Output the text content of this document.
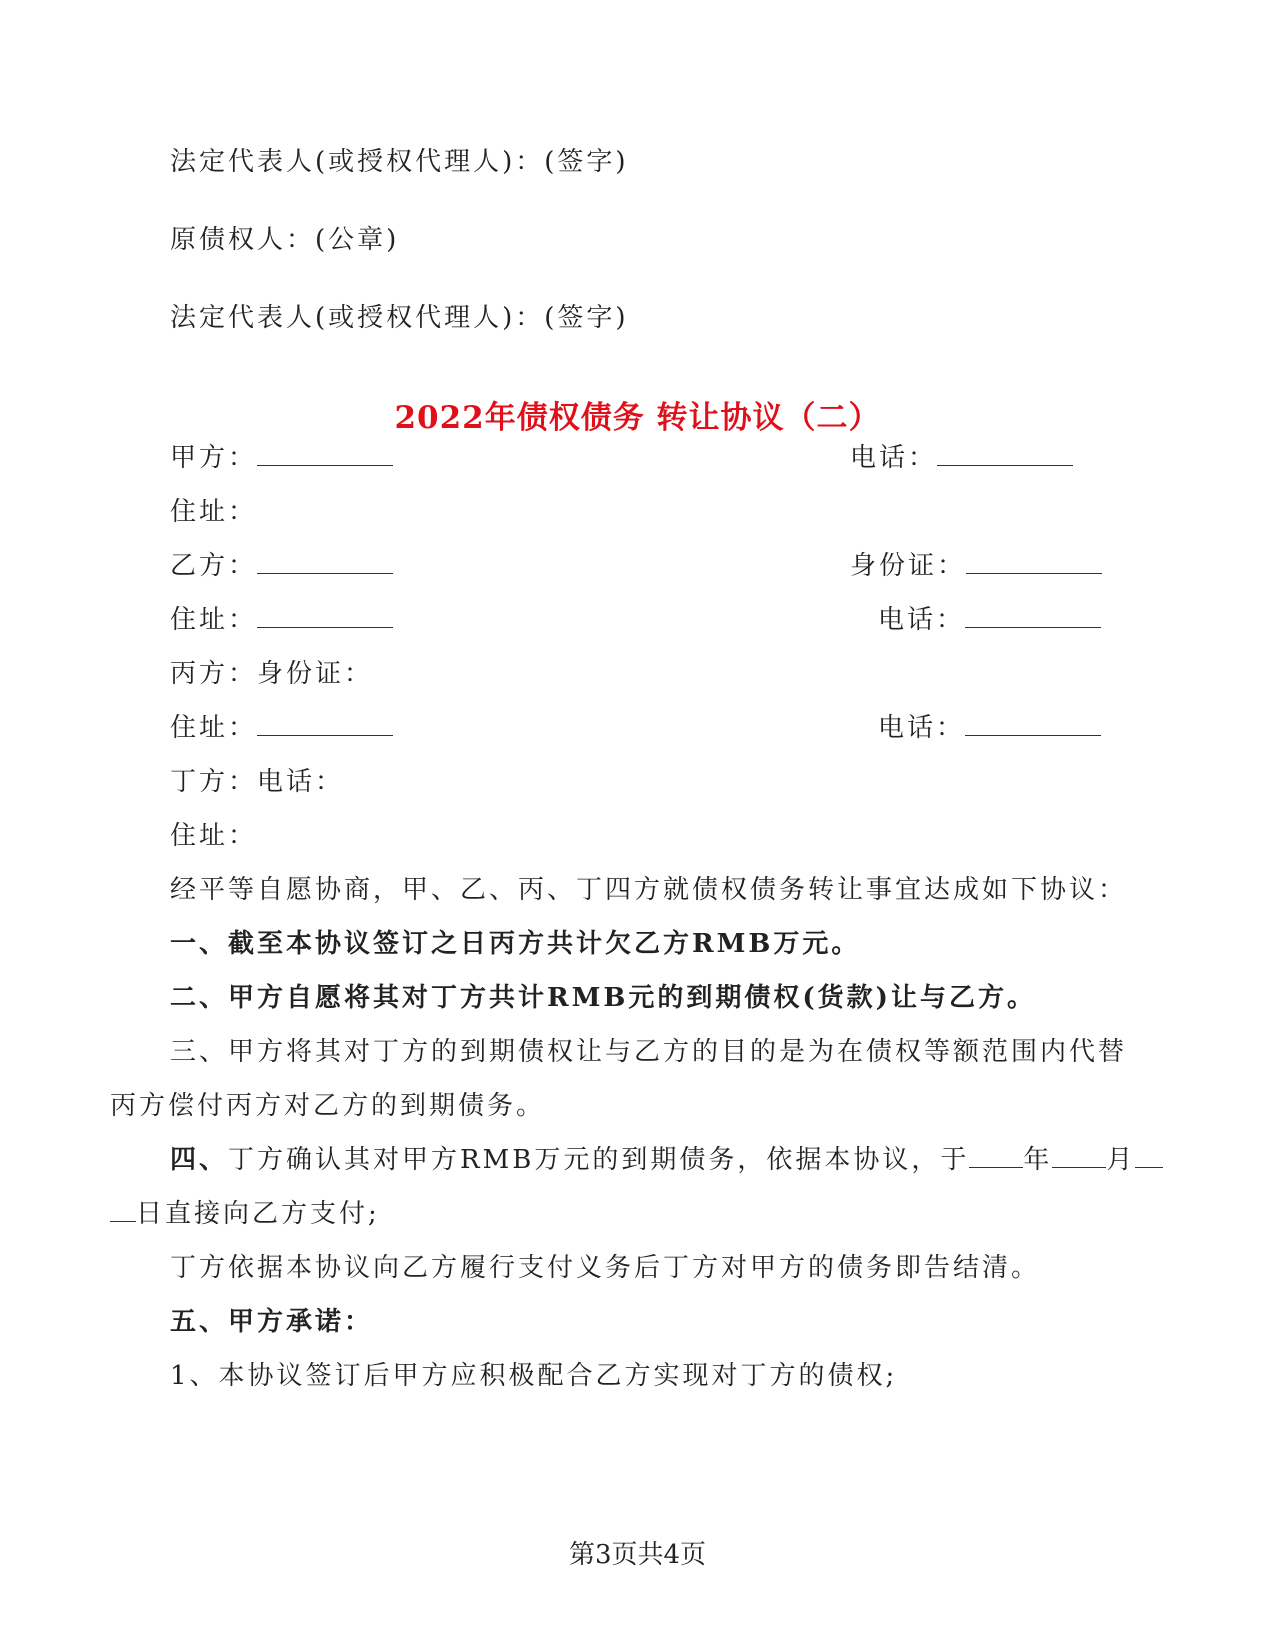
法定代表人(或授权代理人)：(签字)
原债权人：(公章)
法定代表人(或授权代理人)：(签字)
2022年债权债务 转让协议（二）
甲方：	电话：
住址：
乙方：	身份证：
住址：	电话：
丙方：身份证：
住址：	电话：
丁方：电话：
住址：
经平等自愿协商，甲、乙、丙、丁四方就债权债务转让事宜达成如下协议：
一、截至本协议签订之日丙方共计欠乙方RMB万元。
二、甲方自愿将其对丁方共计RMB元的到期债权(货款)让与乙方。
三、甲方将其对丁方的到期债权让与乙方的目的是为在债权等额范围内代替
丙方偿付丙方对乙方的到期债务。
四、丁方确认其对甲方RMB万元的到期债务，依据本协议，于 年 月
日直接向乙方支付;
丁方依据本协议向乙方履行支付义务后丁方对甲方的债务即告结清。
五、甲方承诺：
1、本协议签订后甲方应积极配合乙方实现对丁方的债权;
第3页共4页
